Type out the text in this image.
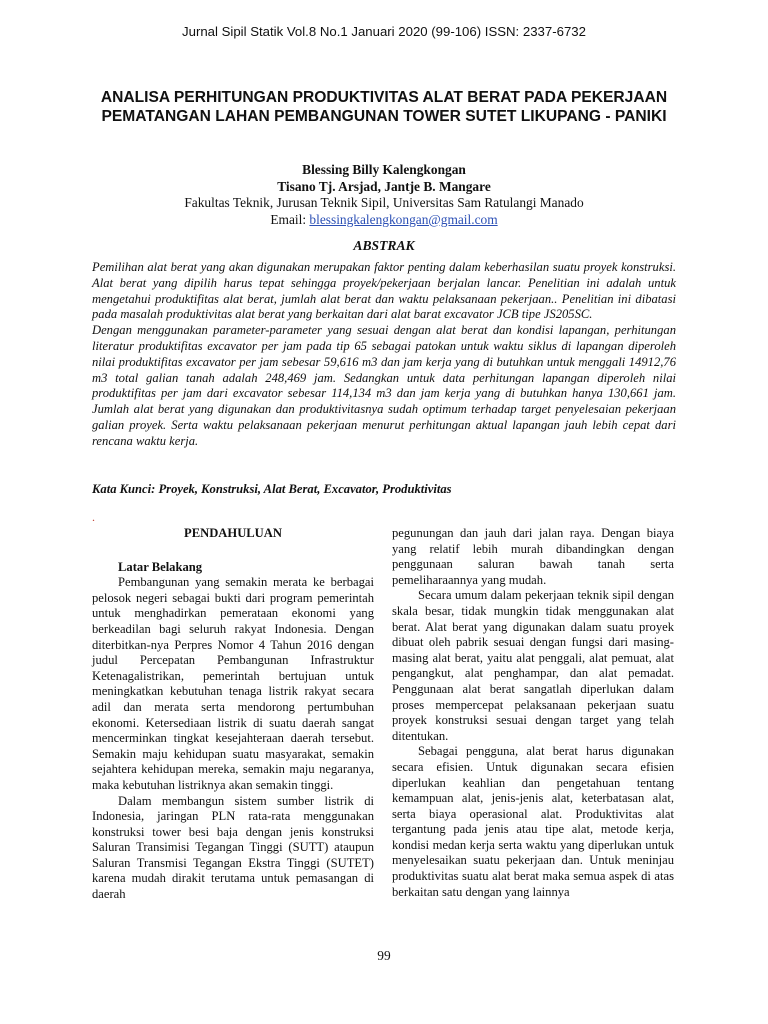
Jurnal Sipil Statik Vol.8 No.1 Januari 2020 (99-106) ISSN: 2337-6732
ANALISA PERHITUNGAN PRODUKTIVITAS ALAT BERAT PADA PEKERJAAN PEMATANGAN LAHAN PEMBANGUNAN TOWER SUTET LIKUPANG - PANIKI
Blessing Billy Kalengkongan
Tisano Tj. Arsjad, Jantje B. Mangare
Fakultas Teknik, Jurusan Teknik Sipil, Universitas Sam Ratulangi Manado
Email: blessingkalengkongan@gmail.com
ABSTRAK

Pemilihan alat berat yang akan digunakan merupakan faktor penting dalam keberhasilan suatu proyek konstruksi. Alat berat yang dipilih harus tepat sehingga proyek/pekerjaan berjalan lancar. Penelitian ini adalah untuk mengetahui produktifitas alat berat, jumlah alat berat dan waktu pelaksanaan pekerjaan.. Penelitian ini dibatasi pada masalah produktivitas alat berat yang berkaitan dari alat barat excavator JCB tipe JS205SC.

Dengan menggunakan parameter-parameter yang sesuai dengan alat berat dan kondisi lapangan, perhitungan literatur produktifitas excavator per jam pada tip 65 sebagai patokan untuk waktu siklus di lapangan diperoleh nilai produktifitas excavator per jam sebesar 59,616 m3 dan jam kerja yang di butuhkan untuk menggali 14912,76 m3 total galian tanah adalah 248,469 jam. Sedangkan untuk data perhitungan lapangan diperoleh nilai produktifitas per jam dari excavator sebesar 114,134 m3 dan jam kerja yang di butuhkan hanya 130,661 jam. Jumlah alat berat yang digunakan dan produktivitasnya sudah optimum terhadap target penyelesaian pekerjaan galian proyek. Serta waktu pelaksanaan pekerjaan menurut perhitungan aktual lapangan jauh lebih cepat dari rencana waktu kerja.

Kata Kunci: Proyek, Konstruksi, Alat Berat, Excavator, Produktivitas
.
PENDAHULUAN

Latar Belakang

Pembangunan yang semakin merata ke berbagai pelosok negeri sebagai bukti dari program pemerintah untuk menghadirkan pemerataan ekonomi yang berkeadilan bagi seluruh rakyat Indonesia. Dengan diterbitkan-nya Perpres Nomor 4 Tahun 2016 dengan judul Percepatan Pembangunan Infrastruktur Ketenagalistrikan, pemerintah bertujuan untuk meningkatkan kebutuhan tenaga listrik rakyat secara adil dan merata serta mendorong pertumbuhan ekonomi. Ketersediaan listrik di suatu daerah sangat mencerminkan tingkat kesejahteraan daerah tersebut. Semakin maju kehidupan suatu masyarakat, semakin sejahtera kehidupan mereka, semakin maju negaranya, maka kebutuhan listriknya akan semakin tinggi.

Dalam membangun sistem sumber listrik di Indonesia, jaringan PLN rata-rata menggunakan konstruksi tower besi baja dengan jenis konstruksi Saluran Transimisi Tegangan Tinggi (SUTT) ataupun Saluran Transmisi Tegangan Ekstra Tinggi (SUTET) karena mudah dirakit terutama untuk pemasangan di daerah

pegunungan dan jauh dari jalan raya. Dengan biaya yang relatif lebih murah dibandingkan dengan penggunaan saluran bawah tanah serta pemeliharaannya yang mudah.

Secara umum dalam pekerjaan teknik sipil dengan skala besar, tidak mungkin tidak menggunakan alat berat. Alat berat yang digunakan dalam suatu proyek dibuat oleh pabrik sesuai dengan fungsi dari masing-masing alat berat, yaitu alat penggali, alat pemuat, alat pengangkut, alat penghampar, dan alat pemadat. Penggunaan alat berat sangatlah diperlukan dalam proses mempercepat pelaksanaan pekerjaan suatu proyek konstruksi sesuai dengan target yang telah ditentukan.

Sebagai pengguna, alat berat harus digunakan secara efisien. Untuk digunakan secara efisien diperlukan keahlian dan pengetahuan tentang kemampuan alat, jenis-jenis alat, keterbatasan alat, serta biaya operasional alat. Produktivitas alat tergantung pada jenis atau tipe alat, metode kerja, kondisi medan kerja serta waktu yang diperlukan untuk menyelesaikan suatu pekerjaan dan. Untuk meninjau produktivitas suatu alat berat maka semua aspek di atas berkaitan satu dengan yang lainnya

99
